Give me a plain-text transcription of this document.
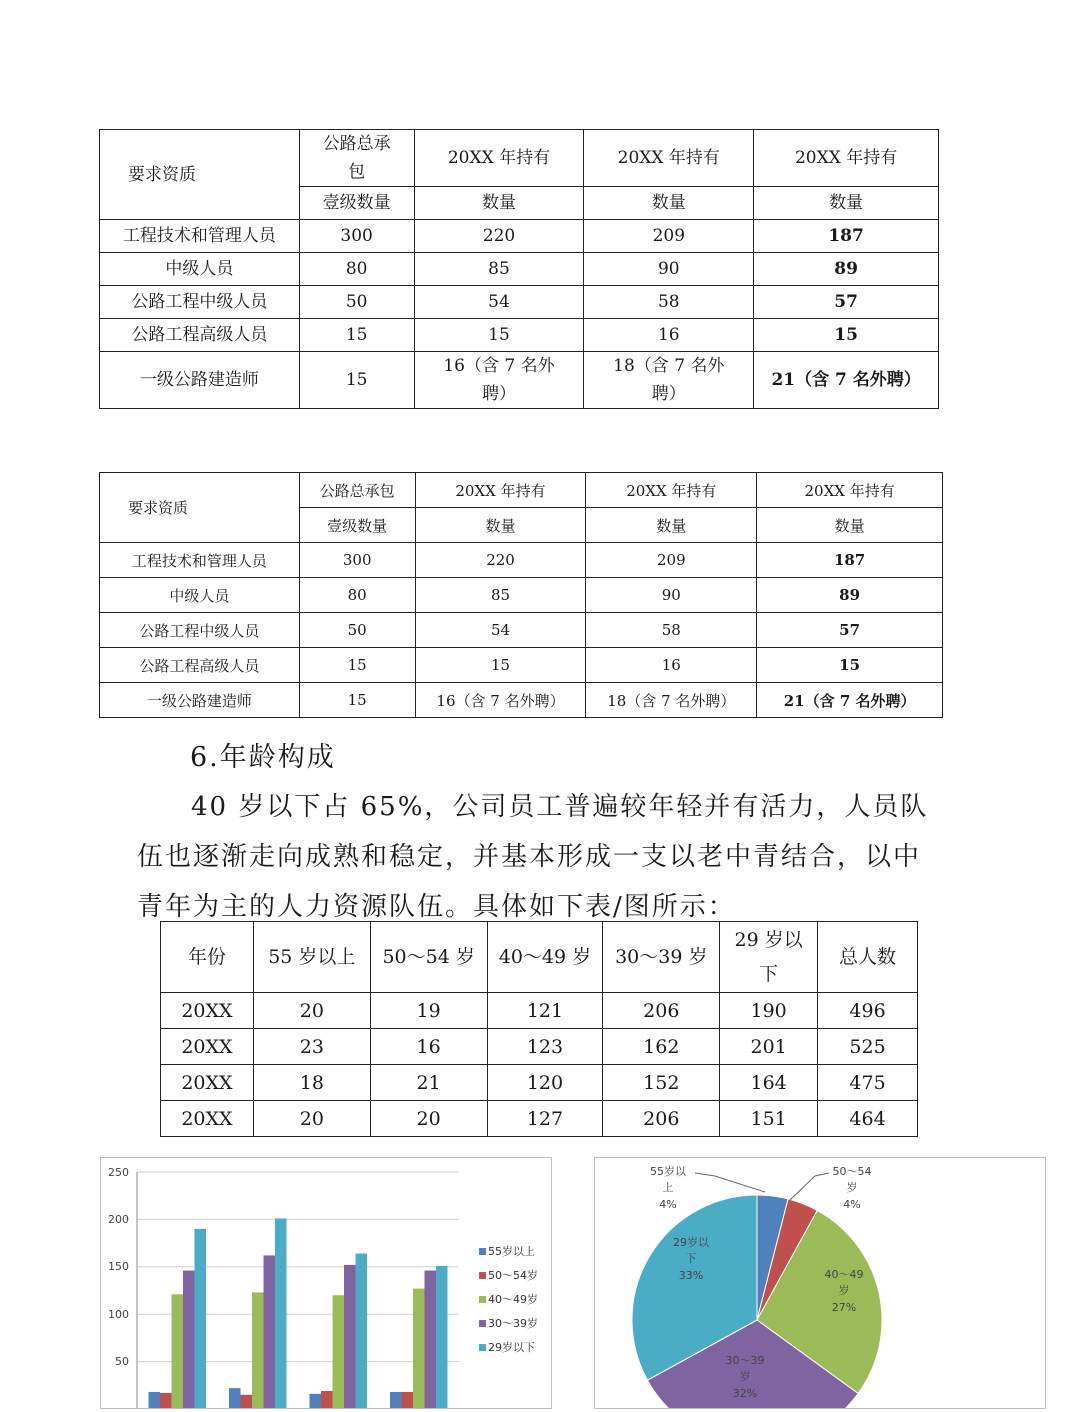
要求资质	公路总承包	20XX 年持有	20XX 年持有	20XX 年持有
	壹级数量	数量	数量	数量
工程技术和管理人员	300	220	209	187
中级人员	80	85	90	89
公路工程中级人员	50	54	58	57
公路工程高级人员	15	15	16	15
一级公路建造师	15	16（含 7 名外聘）	18（含 7 名外聘）	21（含 7 名外聘）
要求资质	公路总承包	20XX 年持有	20XX 年持有	20XX 年持有
	壹级数量	数量	数量	数量
工程技术和管理人员	300	220	209	187
中级人员	80	85	90	89
公路工程中级人员	50	54	58	57
公路工程高级人员	15	15	16	15
一级公路建造师	15	16（含 7 名外聘）	18（含 7 名外聘）	21（含 7 名外聘）
6.年龄构成
40 岁以下占 65%，公司员工普遍较年轻并有活力，人员队伍也逐渐走向成熟和稳定，并基本形成一支以老中青结合，以中青年为主的人力资源队伍。具体如下表/图所示：
年份	55 岁以上	50～54 岁	40～49 岁	30～39 岁	29 岁以下	总人数
20XX	20	19	121	206	190	496
20XX	23	16	123	162	201	525
20XX	18	21	120	152	164	475
20XX	20	20	127	206	151	464
250
200
150
100
50
55岁以上
50～54岁
40～49岁
30～39岁
29岁以下
55岁以
上
4%
50～54
岁
4%
40～49
岁
27%
30～39
岁
32%
29岁以
下
33%
